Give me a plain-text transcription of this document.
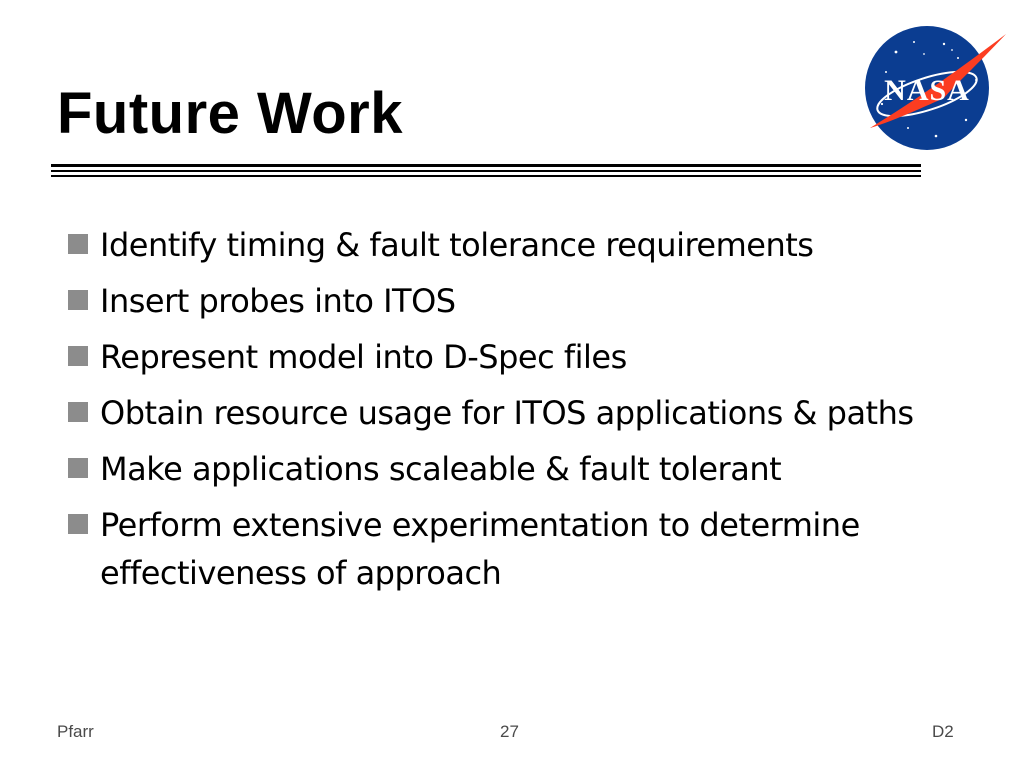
Future Work	NASA
Identify timing & fault tolerance requirements
Insert probes into ITOS
Represent model into D-Spec files
Obtain resource usage for ITOS applications & paths
Make applications scaleable & fault tolerant
Perform extensive experimentation to determine effectiveness of approach
Pfarr	27	D2
